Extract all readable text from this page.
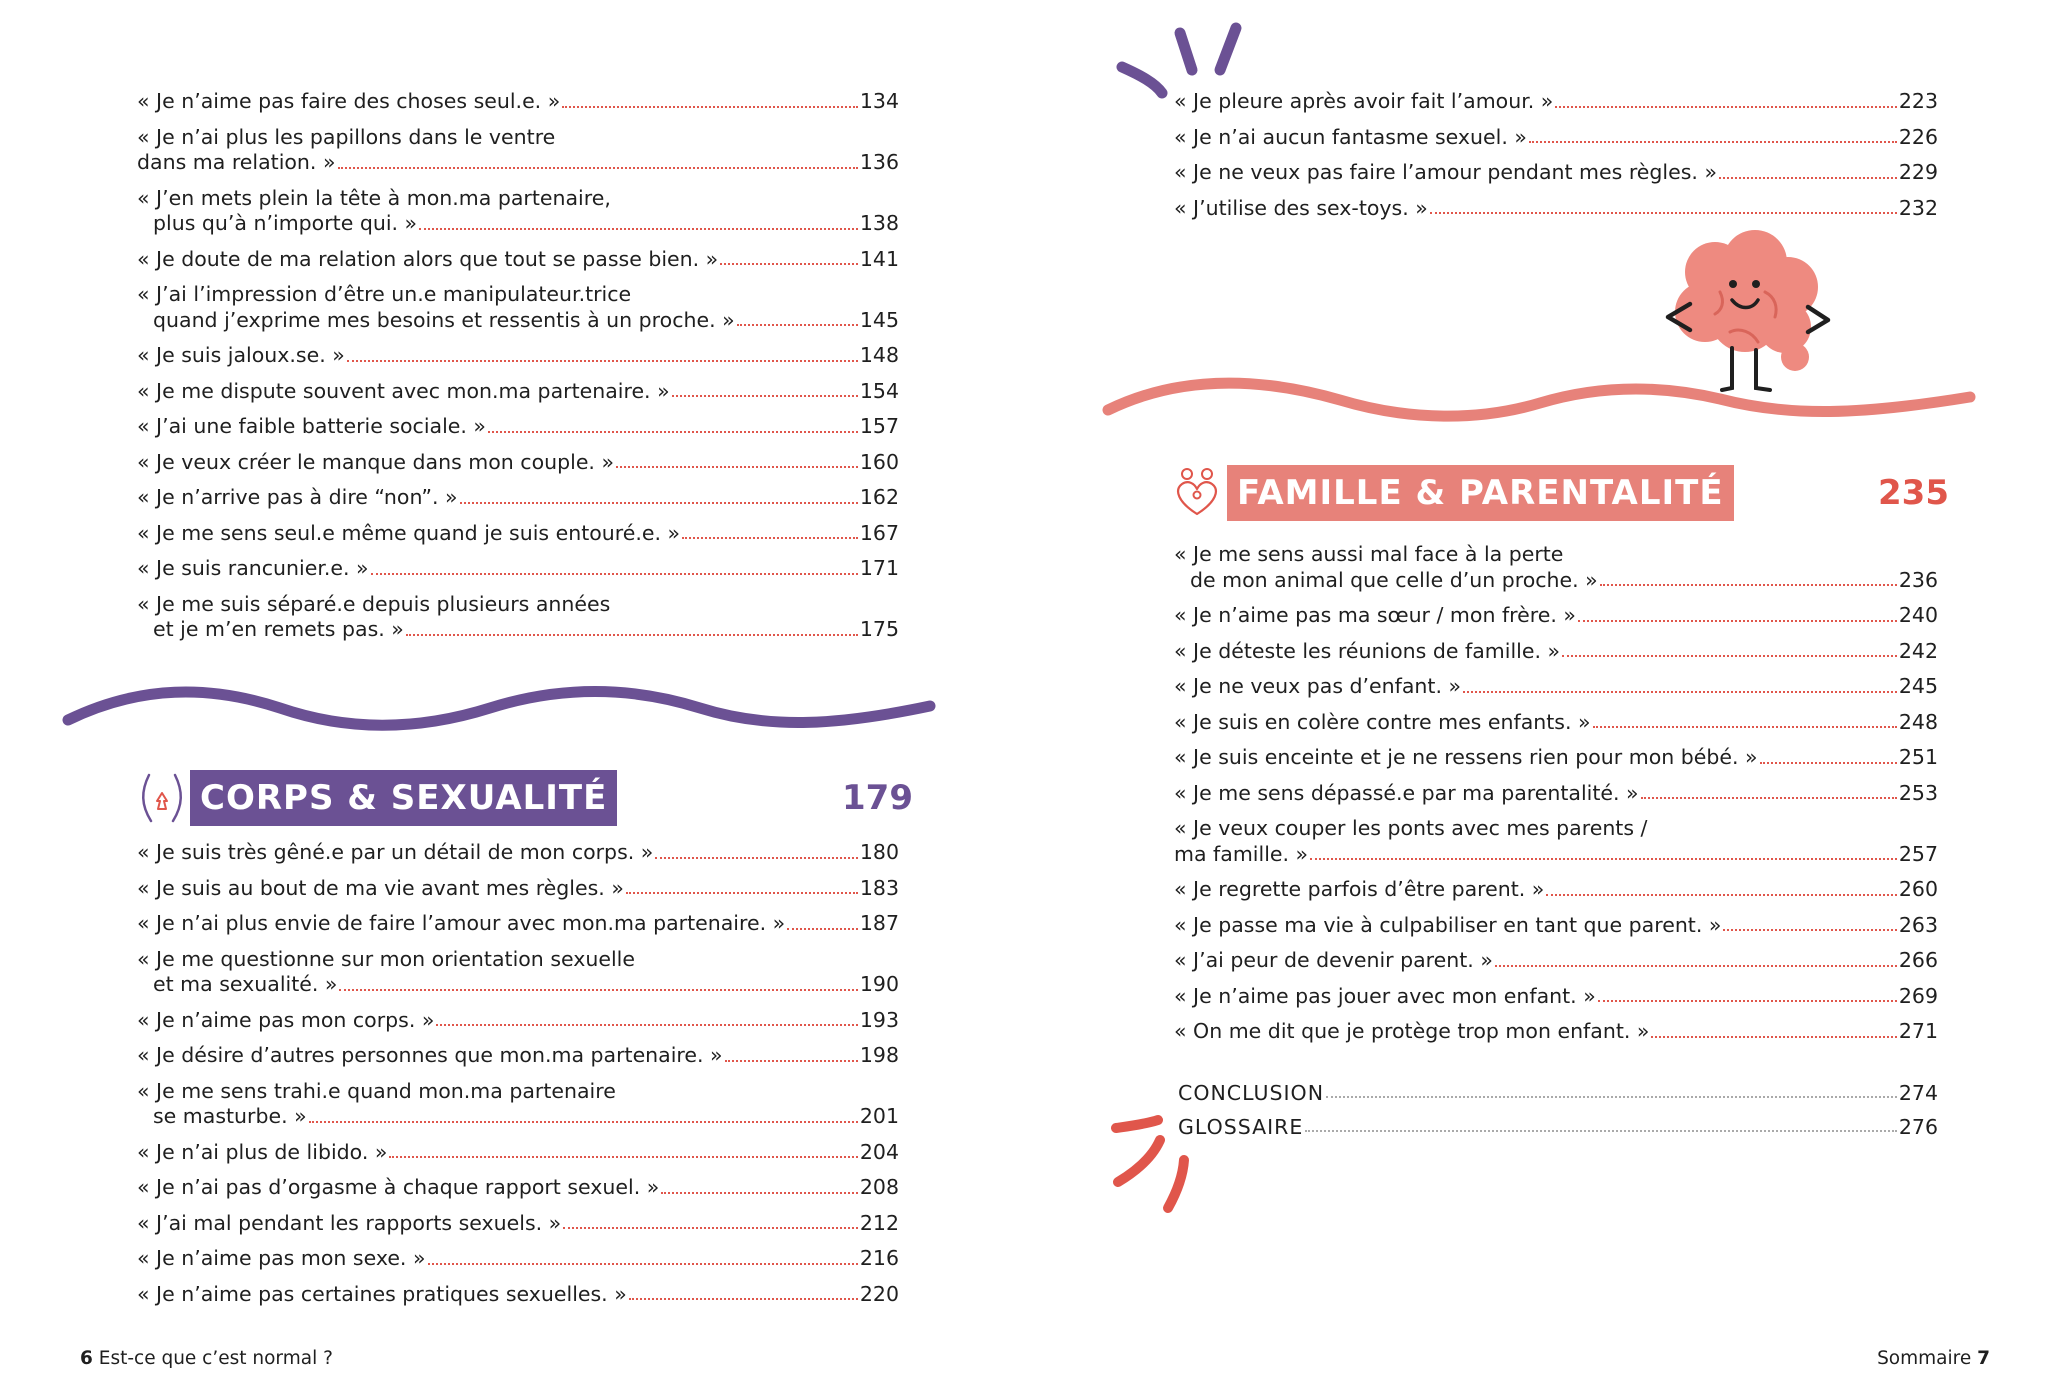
« Je n’aime pas faire des choses seul.e. »	134
« Je n’ai plus les papillons dans le ventre
dans ma relation. »	136
« J’en mets plein la tête à mon.ma partenaire,
plus qu’à n’importe qui. »	138
« Je doute de ma relation alors que tout se passe bien. »	141
« J’ai l’impression d’être un.e manipulateur.trice
quand j’exprime mes besoins et ressentis à un proche. »	145
« Je suis jaloux.se. »	148
« Je me dispute souvent avec mon.ma partenaire. »	154
« J’ai une faible batterie sociale. »	157
« Je veux créer le manque dans mon couple. »	160
« Je n’arrive pas à dire “non”. »	162
« Je me sens seul.e même quand je suis entouré.e. »	167
« Je suis rancunier.e. »	171
« Je me suis séparé.e depuis plusieurs années
et je m’en remets pas. »	175
CORPS & SEXUALITÉ	179
« Je suis très gêné.e par un détail de mon corps. »	180
« Je suis au bout de ma vie avant mes règles. »	183
« Je n’ai plus envie de faire l’amour avec mon.ma partenaire. »	187
« Je me questionne sur mon orientation sexuelle
et ma sexualité. »	190
« Je n’aime pas mon corps. »	193
« Je désire d’autres personnes que mon.ma partenaire. »	198
« Je me sens trahi.e quand mon.ma partenaire
se masturbe. »	201
« Je n’ai plus de libido. »	204
« Je n’ai pas d’orgasme à chaque rapport sexuel. »	208
« J’ai mal pendant les rapports sexuels. »	212
« Je n’aime pas mon sexe. »	216
« Je n’aime pas certaines pratiques sexuelles. »	220
« Je pleure après avoir fait l’amour. »	223
« Je n’ai aucun fantasme sexuel. »	226
« Je ne veux pas faire l’amour pendant mes règles. »	229
« J’utilise des sex-toys. »	232
FAMILLE & PARENTALITÉ	235
« Je me sens aussi mal face à la perte
de mon animal que celle d’un proche. »	236
« Je n’aime pas ma sœur / mon frère. »	240
« Je déteste les réunions de famille. »	242
« Je ne veux pas d’enfant. »	245
« Je suis en colère contre mes enfants. »	248
« Je suis enceinte et je ne ressens rien pour mon bébé. »	251
« Je me sens dépassé.e par ma parentalité. »	253
« Je veux couper les ponts avec mes parents /
ma famille. »	257
« Je regrette parfois d’être parent. »	260
« Je passe ma vie à culpabiliser en tant que parent. »	263
« J’ai peur de devenir parent. »	266
« Je n’aime pas jouer avec mon enfant. »	269
« On me dit que je protège trop mon enfant. »	271
CONCLUSION	274
GLOSSAIRE	276
6 Est-ce que c’est normal ?	Sommaire 7
